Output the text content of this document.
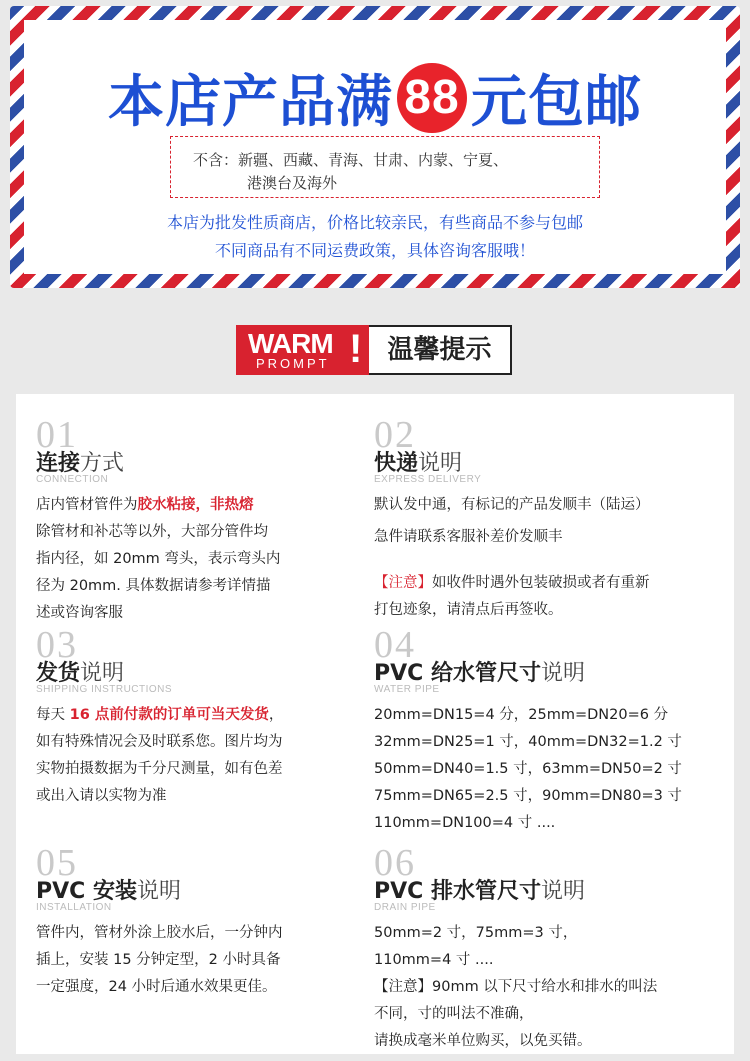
本店产品满 88 元包邮
不含：新疆、西藏、青海、甘肃、内蒙、宁夏、
港澳台及海外
本店为批发性质商店，价格比较亲民，有些商品不参与包邮
不同商品有不同运费政策，具体咨询客服哦！
WARM
PROMPT ! 温馨提示
01
连接方式
CONNECTION
店内管材管件为胶水粘接，非热熔
除管材和补芯等以外，大部分管件均
指内径，如 20mm 弯头，表示弯头内
径为 20mm. 具体数据请参考详情描
述或咨询客服
02
快递说明
EXPRESS DELIVERY
默认发中通，有标记的产品发顺丰（陆运）
急件请联系客服补差价发顺丰
【注意】如收件时遇外包装破损或者有重新
打包迹象，请清点后再签收。
03
发货说明
SHIPPING INSTRUCTIONS
每天 16 点前付款的订单可当天发货，
如有特殊情况会及时联系您。图片均为
实物拍摄数据为千分尺测量，如有色差
或出入请以实物为准
04
PVC 给水管尺寸说明
WATER PIPE
20mm=DN15=4 分，25mm=DN20=6 分
32mm=DN25=1 寸，40mm=DN32=1.2 寸
50mm=DN40=1.5 寸，63mm=DN50=2 寸
75mm=DN65=2.5 寸，90mm=DN80=3 寸
110mm=DN100=4 寸 ....
05
PVC 安装说明
INSTALLATION
管件内，管材外涂上胶水后，一分钟内
插上，安装 15 分钟定型，2 小时具备
一定强度，24 小时后通水效果更佳。
06
PVC 排水管尺寸说明
DRAIN PIPE
50mm=2 寸，75mm=3 寸，
110mm=4 寸 ....
【注意】90mm 以下尺寸给水和排水的叫法
不同，寸的叫法不准确，
请换成毫米单位购买，以免买错。
